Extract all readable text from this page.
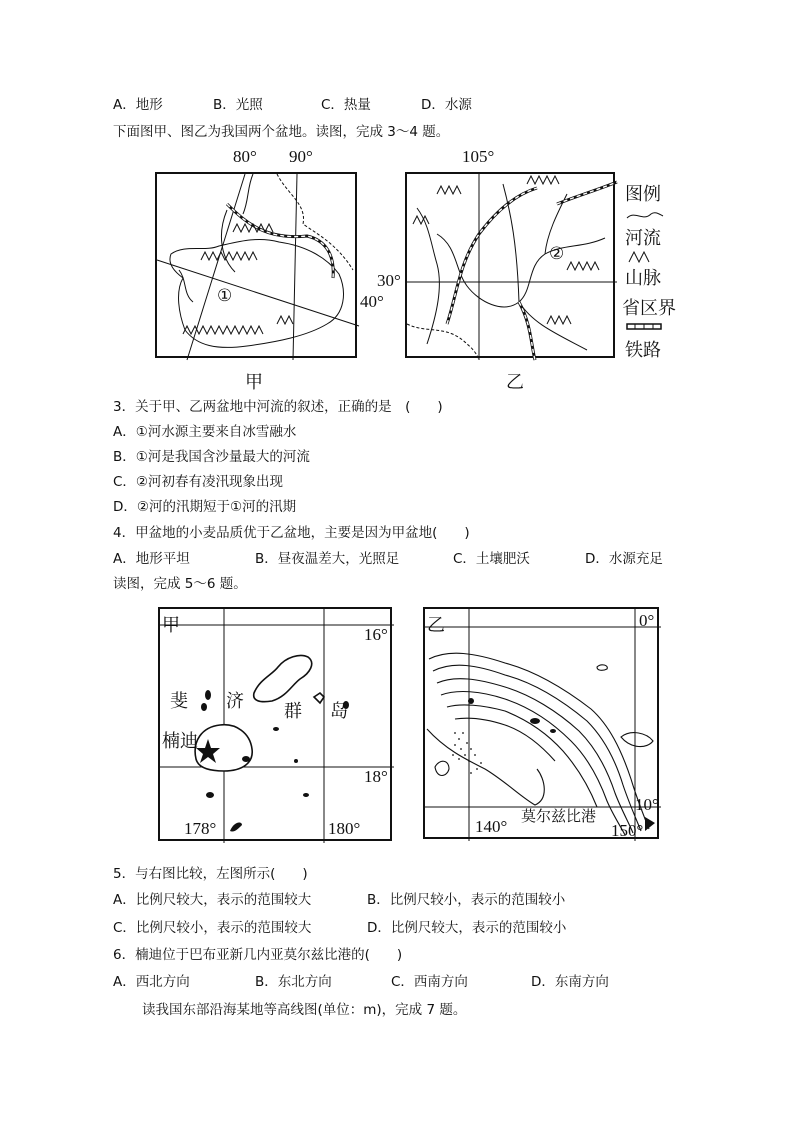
A．地形	B．光照	C．热量	D．水源
下面图甲、图乙为我国两个盆地。读图，完成 3～4 题。
80° 90°	105°
①	40°
甲
30°
②
乙
图例
河流
山脉
省区界
铁路
3．关于甲、乙两盆地中河流的叙述，正确的是　(　　)
A．①河水源主要来自冰雪融水
B．①河是我国含沙量最大的河流
C．②河初春有凌汛现象出现
D．②河的汛期短于①河的汛期
4．甲盆地的小麦品质优于乙盆地，主要是因为甲盆地(　　)
A．地形平坦	B．昼夜温差大，光照足	C．土壤肥沃	D．水源充足
读图，完成 5～6 题。
甲	16°
18°
178°	180°
斐 济 群 岛
楠迪
乙	0°
10°
140°	150°
莫尔兹比港
5．与右图比较，左图所示(　　)
A．比例尺较大，表示的范围较大	B．比例尺较小，表示的范围较小
C．比例尺较小，表示的范围较大	D．比例尺较大，表示的范围较小
6．楠迪位于巴布亚新几内亚莫尔兹比港的(　　)
A．西北方向	B．东北方向	C．西南方向	D．东南方向
读我国东部沿海某地等高线图(单位：m)，完成 7 题。
